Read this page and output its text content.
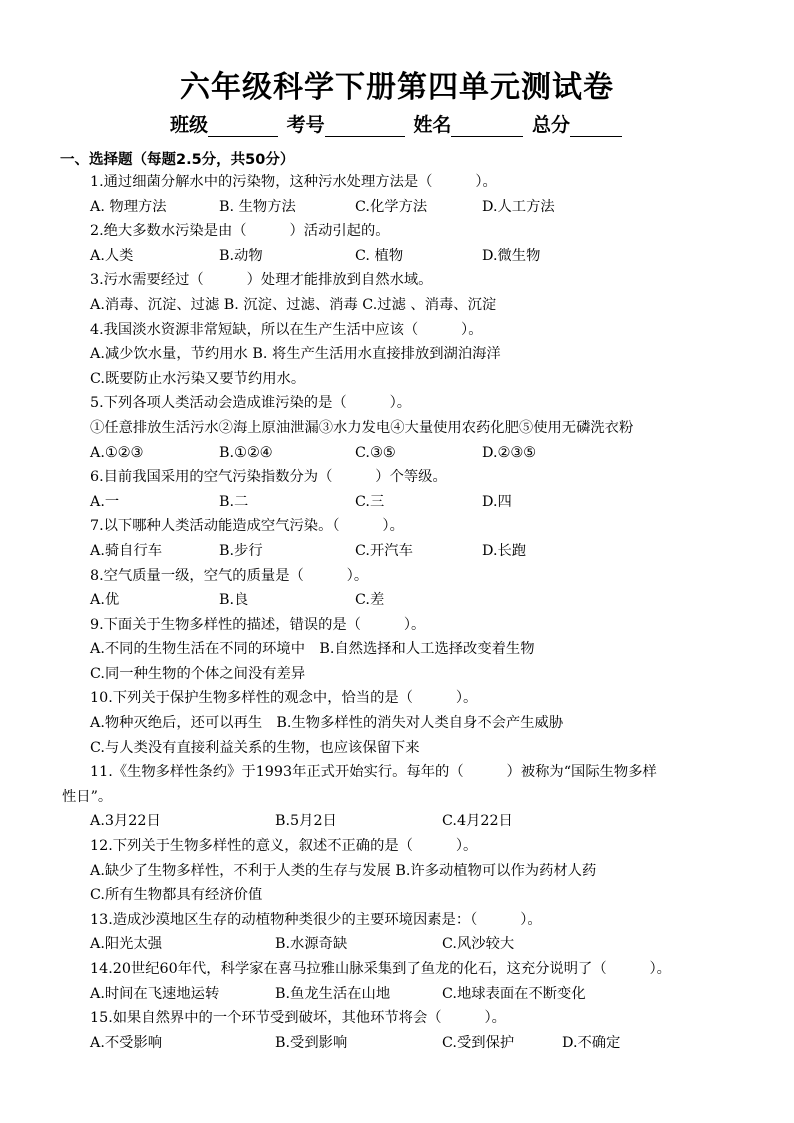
六年级科学下册第四单元测试卷
班级	考号	姓名	总分
一、选择题（每题2.5分，共50分）
1.通过细菌分解水中的污染物，这种污水处理方法是（　　　）。
A. 物理方法	B. 生物方法	C.化学方法	D.人工方法
2.绝大多数水污染是由（　　　）活动引起的。
A.人类	B.动物	C. 植物	D.微生物
3.污水需要经过（　　　）处理才能排放到自然水域。
A.消毒、沉淀、过滤 B. 沉淀、过滤、消毒 C.过滤 、消毒、沉淀
4.我国淡水资源非常短缺，所以在生产生活中应该（　　　）。
A.减少饮水量，节约用水 B. 将生产生活用水直接排放到湖泊海洋
C.既要防止水污染又要节约用水。
5.下列各项人类活动会造成谁污染的是（　　　）。
①任意排放生活污水②海上原油泄漏③水力发电④大量使用农药化肥⑤使用无磷洗衣粉
A.①②③	B.①②④	C.③⑤	D.②③⑤
6.目前我国采用的空气污染指数分为（　　　）个等级。
A.一	B.二	C.三	D.四
7.以下哪种人类活动能造成空气污染。（　　　）。
A.骑自行车	B.步行	C.开汽车	D.长跑
8.空气质量一级，空气的质量是（　　　）。
A.优	B.良	C.差
9.下面关于生物多样性的描述，错误的是（　　　）。
A.不同的生物生活在不同的环境中　B.自然选择和人工选择改变着生物
C.同一种生物的个体之间没有差异
10.下列关于保护生物多样性的观念中，恰当的是（　　　）。
A.物种灭绝后，还可以再生　B.生物多样性的消失对人类自身不会产生威胁
C.与人类没有直接利益关系的生物，也应该保留下来
11.《生物多样性条约》于1993年正式开始实行。每年的（　　　）被称为“国际生物多样
性日”。
A.3月22日	B.5月2日	C.4月22日
12.下列关于生物多样性的意义，叙述不正确的是（　　　）。
A.缺少了生物多样性，不利于人类的生存与发展 B.许多动植物可以作为药材人药
C.所有生物都具有经济价值
13.造成沙漠地区生存的动植物种类很少的主要环境因素是：（　　　）。
A.阳光太强	B.水源奇缺	C.风沙较大
14.20世纪60年代，科学家在喜马拉雅山脉采集到了鱼龙的化石，这充分说明了（　　　）。
A.时间在飞速地运转	B.鱼龙生活在山地	C.地球表面在不断变化
15.如果自然界中的一个环节受到破坏，其他环节将会（　　　）。
A.不受影响	B.受到影响	C.受到保护	D.不确定
